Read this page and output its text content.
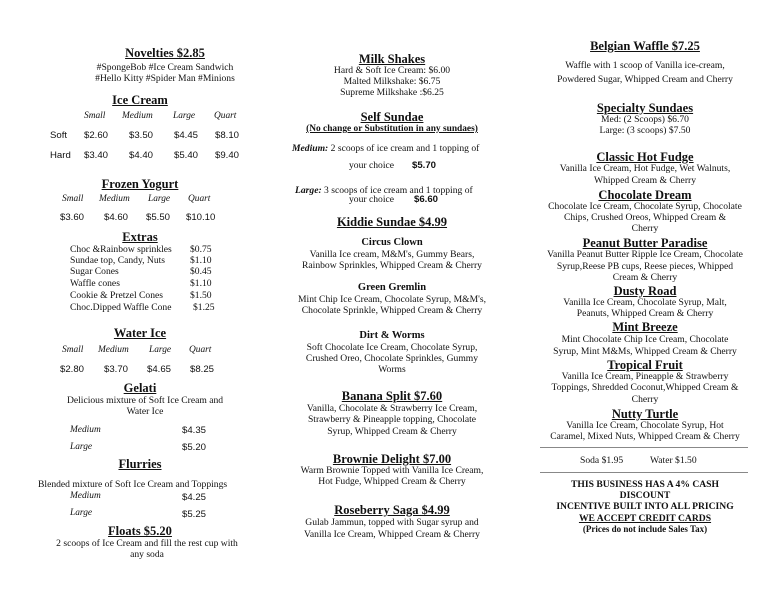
Novelties $2.85
#SpongeBob #Ice Cream Sandwich
#Hello Kitty #Spider Man #Minions
Ice Cream
Small Medium Large Quart
Soft $2.60 $3.50 $4.45 $8.10
Hard $3.40 $4.40 $5.40 $9.40
Frozen Yogurt
Small Medium Large Quart
$3.60 $4.60 $5.50 $10.10
Extras
Choc &Rainbow sprinkles $0.75
Sundae top, Candy, Nuts	$1.10
Sugar Cones	$0.45
Waffle cones	$1.10
Cookie & Pretzel Cones	$1.50
Choc.Dipped Waffle Cone $1.25
Water Ice
Small Medium Large Quart
$2.80 $3.70 $4.65 $8.25
Gelati
Delicious mixture of Soft Ice Cream and
Water Ice
Medium	$4.35
Large	$5.20
Flurries
Blended mixture of Soft Ice Cream and Toppings
Medium	$4.25
Large	$5.25
Floats $5.20
2 scoops of Ice Cream and fill the rest cup with
any soda
Milk Shakes
Hard & Soft Ice Cream: $6.00
Malted Milkshake: $6.75
Supreme Milkshake :$6.25
Self Sundae
(No change or Substitution in any sundaes)
Medium: 2 scoops of ice cream and 1 topping of
your choice $5.70
Large: 3 scoops of ice cream and 1 topping of
your choice $6.60
Kiddie Sundae $4.99
Circus Clown
Vanilla Ice cream, M&M's, Gummy Bears,
Rainbow Sprinkles, Whipped Cream & Cherry
Green Gremlin
Mint Chip Ice Cream, Chocolate Syrup, M&M's,
Chocolate Sprinkle, Whipped Cream & Cherry
Dirt & Worms
Soft Chocolate Ice Cream, Chocolate Syrup,
Crushed Oreo, Chocolate Sprinkles, Gummy
Worms
Banana Split $7.60
Vanilla, Chocolate & Strawberry Ice Cream,
Strawberry & Pineapple topping, Chocolate
Syrup, Whipped Cream & Cherry
Brownie Delight $7.00
Warm Brownie Topped with Vanilla Ice Cream,
Hot Fudge, Whipped Cream & Cherry
Roseberry Saga $4.99
Gulab Jammun, topped with Sugar syrup and
Vanilla Ice Cream, Whipped Cream & Cherry
Belgian Waffle $7.25
Waffle with 1 scoop of Vanilla ice-cream,
Powdered Sugar, Whipped Cream and Cherry
Specialty Sundaes
Med: (2 Scoops) $6.70
Large: (3 scoops) $7.50
Classic Hot Fudge
Vanilla Ice Cream, Hot Fudge, Wet Walnuts,
Whipped Cream & Cherry
Chocolate Dream
Chocolate Ice Cream, Chocolate Syrup, Chocolate
Chips, Crushed Oreos, Whipped Cream &
Cherry
Peanut Butter Paradise
Vanilla Peanut Butter Ripple Ice Cream, Chocolate
Syrup,Reese PB cups, Reese pieces, Whipped
Cream & Cherry
Dusty Road
Vanilla Ice Cream, Chocolate Syrup, Malt,
Peanuts, Whipped Cream & Cherry
Mint Breeze
Mint Chocolate Chip Ice Cream, Chocolate
Syrup, Mint M&Ms, Whipped Cream & Cherry
Tropical Fruit
Vanilla Ice Cream, Pineapple & Strawberry
Toppings, Shredded Coconut,Whipped Cream &
Cherry
Nutty Turtle
Vanilla Ice Cream, Chocolate Syrup, Hot
Caramel, Mixed Nuts, Whipped Cream & Cherry
Soda $1.95	Water $1.50
THIS BUSINESS HAS A 4% CASH
DISCOUNT
INCENTIVE BUILT INTO ALL PRICING
WE ACCEPT CREDIT CARDS
(Prices do not include Sales Tax)
